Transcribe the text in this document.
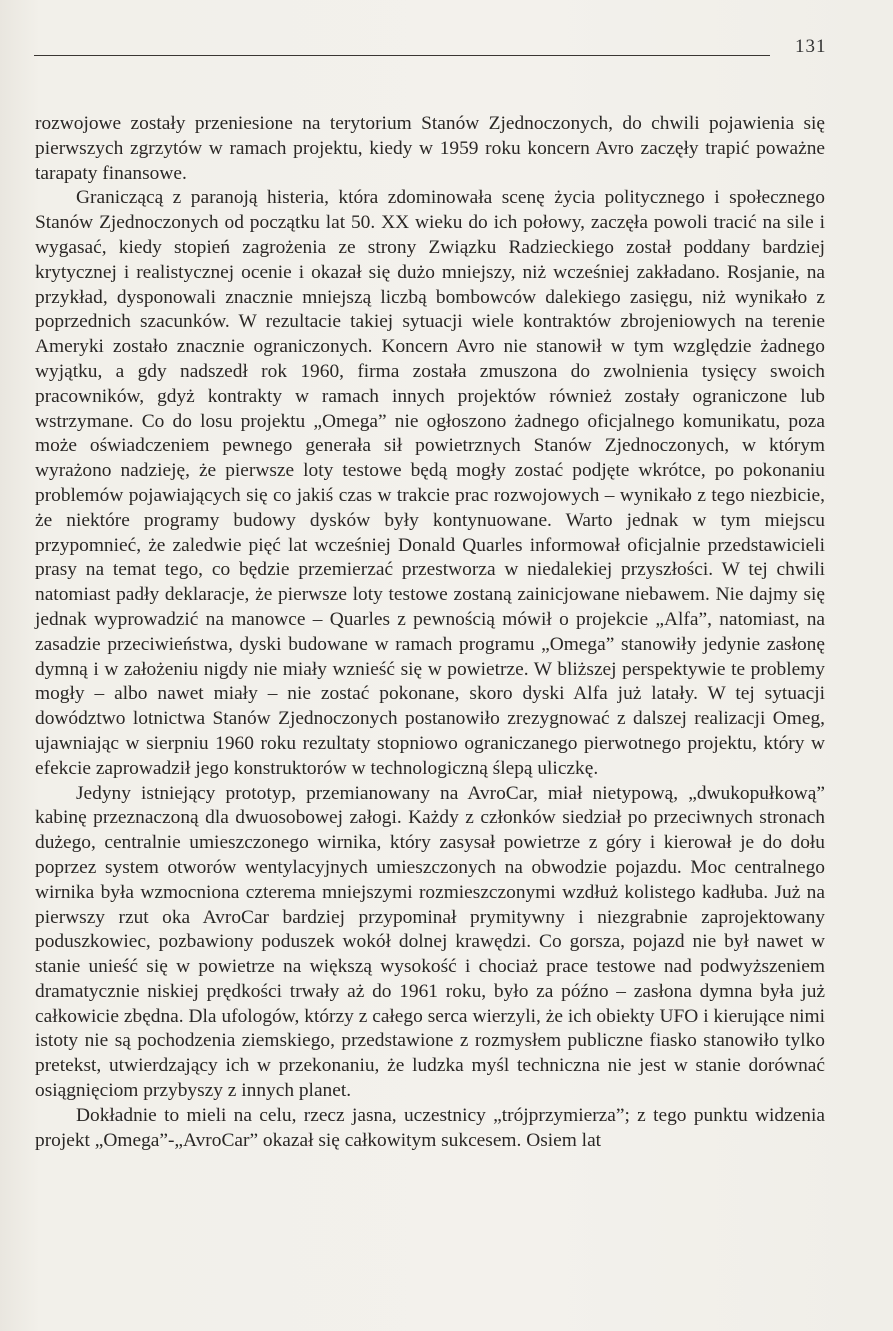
131

rozwojowe zostały przeniesione na terytorium Stanów Zjednoczonych, do chwili pojawienia się pierwszych zgrzytów w ramach projektu, kiedy w 1959 roku koncern Avro zaczęły trapić poważne tarapaty finansowe.

Graniczącą z paranoją histeria, która zdominowała scenę życia politycznego i społecznego Stanów Zjednoczonych od początku lat 50. XX wieku do ich połowy, zaczęła powoli tracić na sile i wygasać, kiedy stopień zagrożenia ze strony Związku Radzieckiego został poddany bardziej krytycznej i realistycznej ocenie i okazał się dużo mniejszy, niż wcześniej zakładano. Rosjanie, na przykład, dysponowali znacznie mniejszą liczbą bombowców dalekiego zasięgu, niż wynikało z poprzednich szacunków. W rezultacie takiej sytuacji wiele kontraktów zbrojeniowych na terenie Ameryki zostało znacznie ograniczonych. Koncern Avro nie stanowił w tym względzie żadnego wyjątku, a gdy nadszedł rok 1960, firma została zmuszona do zwolnienia tysięcy swoich pracowników, gdyż kontrakty w ramach innych projektów również zostały ograniczone lub wstrzymane. Co do losu projektu „Omega” nie ogłoszono żadnego oficjalnego komunikatu, poza może oświadczeniem pewnego generała sił powietrznych Stanów Zjednoczonych, w którym wyrażono nadzieję, że pierwsze loty testowe będą mogły zostać podjęte wkrótce, po pokonaniu problemów pojawiających się co jakiś czas w trakcie prac rozwojowych – wynikało z tego niezbicie, że niektóre programy budowy dysków były kontynuowane. Warto jednak w tym miejscu przypomnieć, że zaledwie pięć lat wcześniej Donald Quarles informował oficjalnie przedstawicieli prasy na temat tego, co będzie przemierzać przestworza w niedalekiej przyszłości. W tej chwili natomiast padły deklaracje, że pierwsze loty testowe zostaną zainicjowane niebawem. Nie dajmy się jednak wyprowadzić na manowce – Quarles z pewnością mówił o projekcie „Alfa”, natomiast, na zasadzie przeciwieństwa, dyski budowane w ramach programu „Omega” stanowiły jedynie zasłonę dymną i w założeniu nigdy nie miały wznieść się w powietrze. W bliższej perspektywie te problemy mogły – albo nawet miały – nie zostać pokonane, skoro dyski Alfa już latały. W tej sytuacji dowództwo lotnictwa Stanów Zjednoczonych postanowiło zrezygnować z dalszej realizacji Omeg, ujawniając w sierpniu 1960 roku rezultaty stopniowo ograniczanego pierwotnego projektu, który w efekcie zaprowadził jego konstruktorów w technologiczną ślepą uliczkę.

Jedyny istniejący prototyp, przemianowany na AvroCar, miał nietypową, „dwukopułkową” kabinę przeznaczoną dla dwuosobowej załogi. Każdy z członków siedział po przeciwnych stronach dużego, centralnie umieszczonego wirnika, który zasysał powietrze z góry i kierował je do dołu poprzez system otworów wentylacyjnych umieszczonych na obwodzie pojazdu. Moc centralnego wirnika była wzmocniona czterema mniejszymi rozmieszczonymi wzdłuż kolistego kadłuba. Już na pierwszy rzut oka AvroCar bardziej przypominał prymitywny i niezgrabnie zaprojektowany poduszkowiec, pozbawiony poduszek wokół dolnej krawędzi. Co gorsza, pojazd nie był nawet w stanie unieść się w powietrze na większą wysokość i chociaż prace testowe nad podwyższeniem dramatycznie niskiej prędkości trwały aż do 1961 roku, było za późno – zasłona dymna była już całkowicie zbędna. Dla ufologów, którzy z całego serca wierzyli, że ich obiekty UFO i kierujące nimi istoty nie są pochodzenia ziemskiego, przedstawione z rozmysłem publiczne fiasko stanowiło tylko pretekst, utwierdzający ich w przekonaniu, że ludzka myśl techniczna nie jest w stanie dorównać osiągnięciom przybyszy z innych planet.

Dokładnie to mieli na celu, rzecz jasna, uczestnicy „trójprzymierza”; z tego punktu widzenia projekt „Omega”-„AvroCar” okazał się całkowitym sukcesem. Osiem lat
